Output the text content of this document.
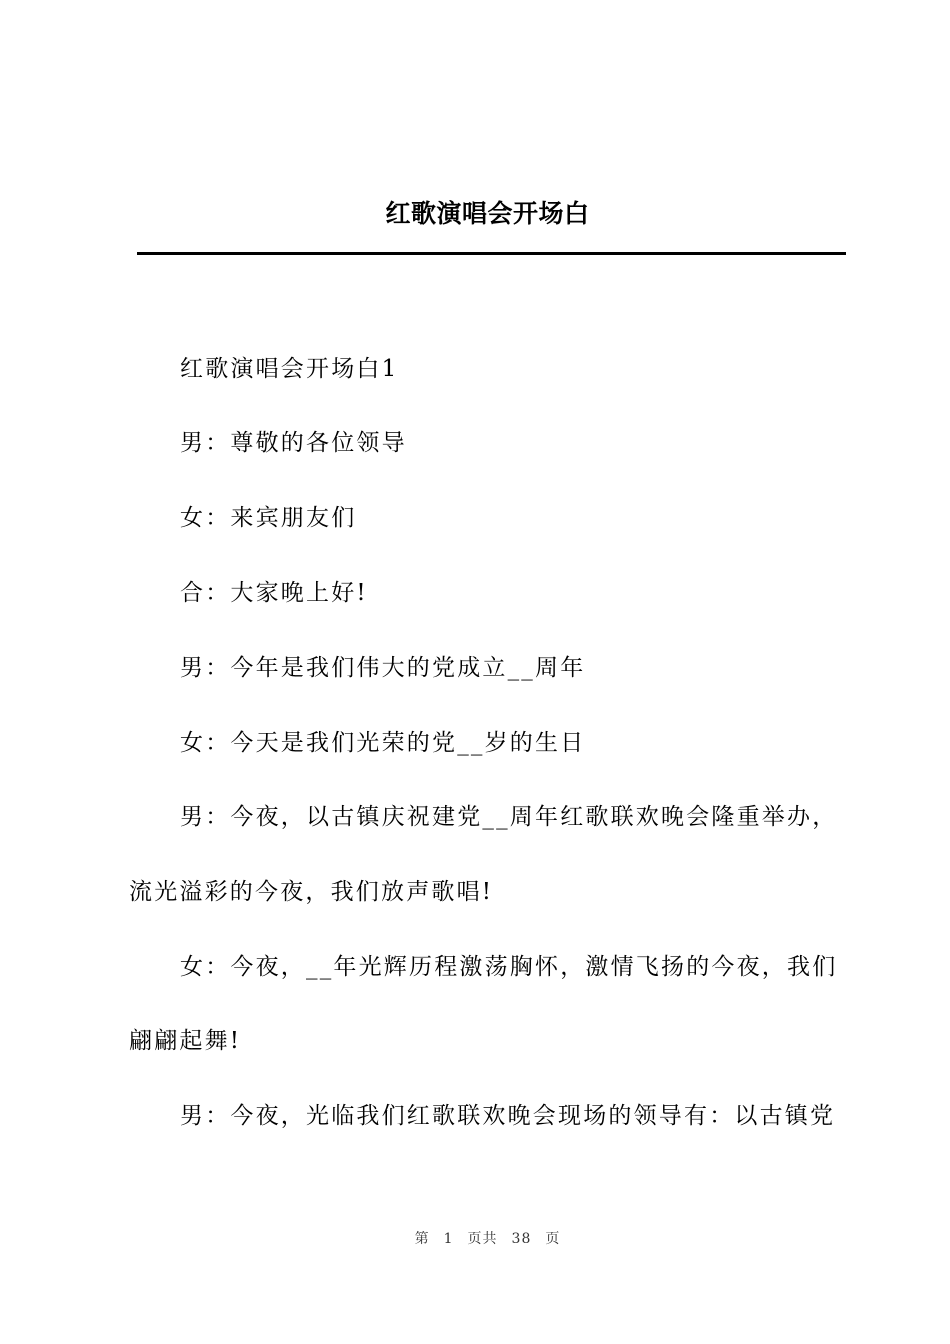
红歌演唱会开场白
红歌演唱会开场白1
男：尊敬的各位领导
女：来宾朋友们
合：大家晚上好!
男：今年是我们伟大的党成立__周年
女：今天是我们光荣的党__岁的生日
男：今夜，以古镇庆祝建党__周年红歌联欢晚会隆重举办，
流光溢彩的今夜，我们放声歌唱!
女：今夜，__年光辉历程激荡胸怀，激情飞扬的今夜，我们
翩翩起舞!
男：今夜，光临我们红歌联欢晚会现场的领导有：以古镇党
第 1 页共 38 页
